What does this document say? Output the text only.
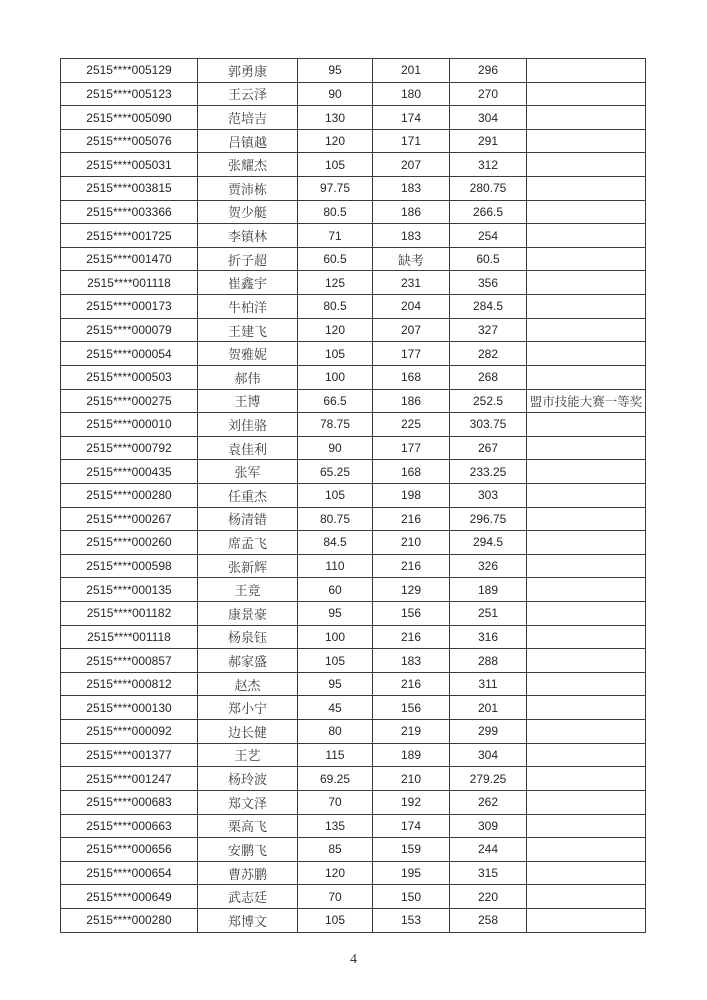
2515****005129	郭勇康	95	201	296	
2515****005123	王云泽	90	180	270	
2515****005090	范培吉	130	174	304	
2515****005076	吕镇越	120	171	291	
2515****005031	张耀杰	105	207	312	
2515****003815	贾沛栋	97.75	183	280.75	
2515****003366	贺少艇	80.5	186	266.5	
2515****001725	李镇林	71	183	254	
2515****001470	折子超	60.5	缺考	60.5	
2515****001118	崔鑫宇	125	231	356	
2515****000173	牛柏洋	80.5	204	284.5	
2515****000079	王建飞	120	207	327	
2515****000054	贺雅妮	105	177	282	
2515****000503	郝伟	100	168	268	
2515****000275	王博	66.5	186	252.5	盟市技能大赛一等奖
2515****000010	刘佳骆	78.75	225	303.75	
2515****000792	袁佳利	90	177	267	
2515****000435	张军	65.25	168	233.25	
2515****000280	任重杰	105	198	303	
2515****000267	杨清错	80.75	216	296.75	
2515****000260	席孟飞	84.5	210	294.5	
2515****000598	张新辉	110	216	326	
2515****000135	王竟	60	129	189	
2515****001182	康景豪	95	156	251	
2515****001118	杨泉钰	100	216	316	
2515****000857	郝家盛	105	183	288	
2515****000812	赵杰	95	216	311	
2515****000130	郑小宁	45	156	201	
2515****000092	边长健	80	219	299	
2515****001377	王艺	115	189	304	
2515****001247	杨玲波	69.25	210	279.25	
2515****000683	郑文泽	70	192	262	
2515****000663	栗高飞	135	174	309	
2515****000656	安鹏飞	85	159	244	
2515****000654	曹苏鹏	120	195	315	
2515****000649	武志廷	70	150	220	
2515****000280	郑博文	105	153	258	
4
